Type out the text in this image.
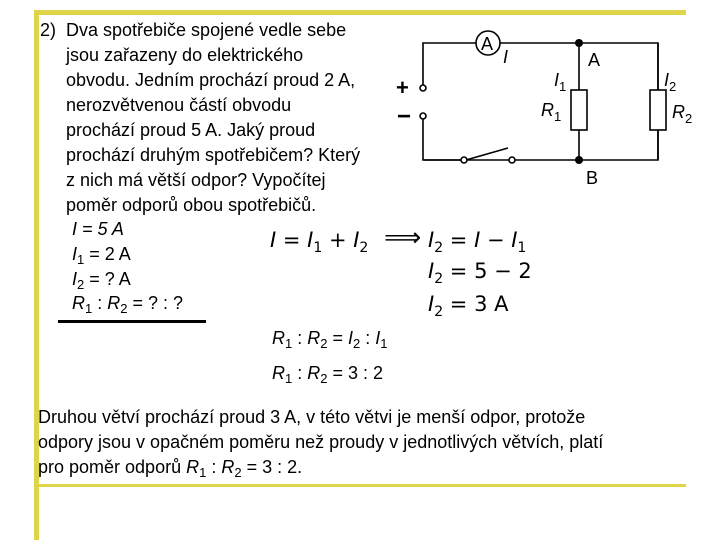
2) Dva spotřebiče spojené vedle sebe
jsou zařazeny do elektrického
obvodu. Jedním prochází proud 2 A,
nerozvětvenou částí obvodu
prochází proud 5 A. Jaký proud
prochází druhým spotřebičem? Který
z nich má větší odpor? Vypočítej
poměr odporů obou spotřebičů.
I = 5 A
$I_1 = 2$ A
$I_2$ = ? A
$R_1$ : $R_2$ = ? : ?
$I = I_1 + I_2$ ⟹ $I_2 = I - I_1$
$I_2 = 5 - 2$
$I_2 = 3$ A
$R_1$ : $R_2 = I_2$ : $I_1$
$R_1$ : $R_2 = 3$ : 2
Druhou větví prochází proud 3 A, v této větvi je menší odpor, protože
odpory jsou v opačném poměru než proudy v jednotlivých větvích, platí
pro poměr odporů $R_1$ : $R_2 = 3$ : 2.
A
I	A
B
+
−
$I_1$
$R_1$
$I_2$
$R_2$
